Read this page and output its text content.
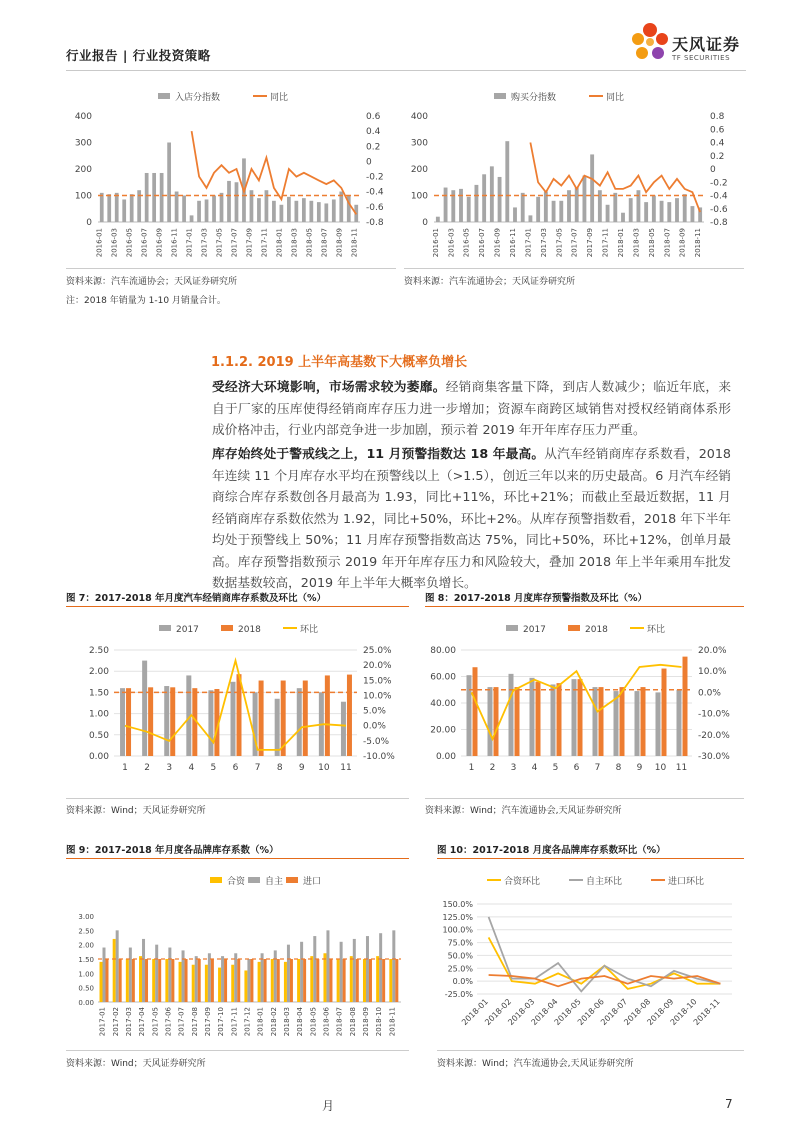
行业报告 | 行业投资策略
天风证券
TF SECURITIES
入店分指数	同比
0
100
200
300
400	0.6
0.4
0.2
0
-0.2
-0.4
-0.6
-0.8
2016-01 2016-03 2016-05 2016-07 2016-09 2016-11 2017-01 2017-03 2017-05 2017-07 2017-09 2017-11 2018-01 2018-03 2018-05 2018-07 2018-09 2018-11
购买分指数	同比
0
100
200
300
400	0.8
0.6
0.4
0.2
0
-0.2
-0.4
-0.6
-0.8
2016-01 2016-03 2016-05 2016-07 2016-09 2016-11 2017-01 2017-03 2017-05 2017-07 2017-09 2017-11 2018-01 2018-03 2018-05 2018-07 2018-09 2018-11
资料来源：汽车流通协会；天风证券研究所
注：2018 年销量为 1-10 月销量合计。
资料来源：汽车流通协会；天风证券研究所
1.1.2. 2019 上半年高基数下大概率负增长
受经济大环境影响，市场需求较为萎靡。经销商集客量下降，到店人数减少；临近年底，来自于厂家的压库使得经销商库存压力进一步增加；资源车商跨区域销售对授权经销商体系形成价格冲击，行业内部竞争进一步加剧，预示着 2019 年开年库存压力严重。
库存始终处于警戒线之上，11 月预警指数达 18 年最高。从汽车经销商库存系数看，2018 年连续 11 个月库存水平均在预警线以上（>1.5），创近三年以来的历史最高。6 月汽车经销商综合库存系数创各月最高为 1.93，同比+11%，环比+21%；而截止至最近数据，11 月经销商库存系数依然为 1.92，同比+50%，环比+2%。从库存预警指数看，2018 年下半年均处于预警线上 50%；11 月库存预警指数高达 75%，同比+50%，环比+12%，创单月最高。库存预警指数预示 2019 年开年库存压力和风险较大，叠加 2018 年上半年乘用车批发数据基数较高，2019 年上半年大概率负增长。
图 7：2017-2018 年月度汽车经销商库存系数及环比（%）
2017	2018	环比
0.00
0.50
1.00
1.50
2.00
2.50	25.0%
20.0%
15.0%
10.0%
5.0%
0.0%
-5.0%
-10.0%
1 2 3 4 5 6 7 8 9 10 11
资料来源：Wind；天风证券研究所
图 8：2017-2018 月度库存预警指数及环比（%）
2017	2018	环比
0.00
20.00
40.00
60.00
80.00	20.0%
10.0%
0.0%
-10.0%
-20.0%
-30.0%
1 2 3 4 5 6 7 8 9 10 11
资料来源：Wind；汽车流通协会,天风证券研究所
图 9：2017-2018 年月度各品牌库存系数（%）
合资 自主 进口
0.00
0.50
1.00
1.50
2.00
2.50
3.00
2017-01 2017-02 2017-03 2017-04 2017-05 2017-06 2017-07 2017-08 2017-09 2017-10 2017-11 2017-12 2018-01 2018-02 2018-03 2018-04 2018-05 2018-06 2018-07 2018-08 2018-09 2018-10 2018-11
资料来源：Wind；天风证券研究所
图 10：2017-2018 月度各品牌库存系数环比（%）
合资环比	自主环比	进口环比
150.0%
125.0%
100.0%
75.0%
50.0%
25.0%
0.0%
-25.0%
2018-01
2018-02
2018-03
2018-04
2018-05
2018-06
2018-07
2018-08
2018-09
2018-10
2018-11
资料来源：Wind；汽车流通协会,天风证券研究所
月	7
